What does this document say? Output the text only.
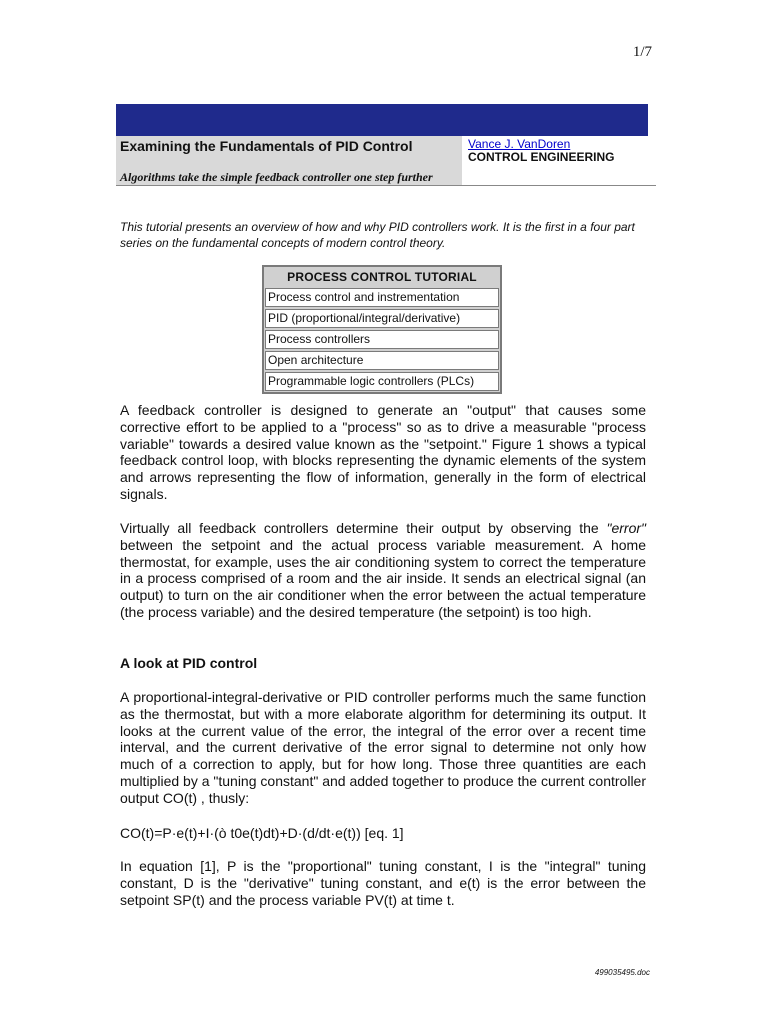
1/7
Examining the Fundamentals of PID Control
Algorithms take the simple feedback controller one step further
Vance J. VanDoren
CONTROL ENGINEERING
This tutorial presents an overview of how and why PID controllers work. It is the first in a four part series on the fundamental concepts of modern control theory.
PROCESS CONTROL TUTORIAL
Process control and instrementation
PID (proportional/integral/derivative)
Process controllers
Open architecture
Programmable logic controllers (PLCs)
A feedback controller is designed to generate an "output" that causes some corrective effort to be applied to a "process" so as to drive a measurable "process variable" towards a desired value known as the "setpoint." Figure 1 shows a typical feedback control loop, with blocks representing the dynamic elements of the system and arrows representing the flow of information, generally in the form of electrical signals.
Virtually all feedback controllers determine their output by observing the "error" between the setpoint and the actual process variable measurement. A home thermostat, for example, uses the air conditioning system to correct the temperature in a process comprised of a room and the air inside. It sends an electrical signal (an output) to turn on the air conditioner when the error between the actual temperature (the process variable) and the desired temperature (the setpoint) is too high.
A look at PID control
A proportional-integral-derivative or PID controller performs much the same function as the thermostat, but with a more elaborate algorithm for determining its output. It looks at the current value of the error, the integral of the error over a recent time interval, and the current derivative of the error signal to determine not only how much of a correction to apply, but for how long. Those three quantities are each multiplied by a "tuning constant" and added together to produce the current controller output CO(t) , thusly:
CO(t)=P·e(t)+I·(ò t0e(t)dt)+D·(d/dt·e(t)) [eq. 1]
In equation [1], P is the "proportional" tuning constant, I is the "integral" tuning constant, D is the "derivative" tuning constant, and e(t) is the error between the setpoint SP(t) and the process variable PV(t) at time t.
499035495.doc
